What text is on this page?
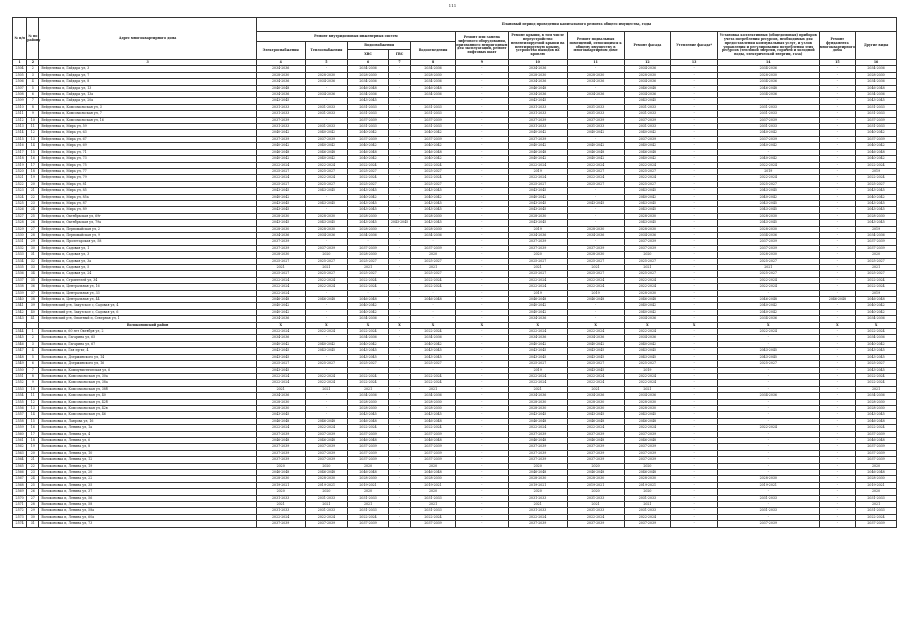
111
№ п/п	№ по району	Адрес многоквартирного дома	Плановый период проведения капитального ремонта общего имущества, годы												
			Ремонт внутридомовых инженерных систем					Ремонт или замена лифтового оборудования, признанного непригодным для эксплуатации, ремонт лифтовых шахт	Ремонт крыши, в том числе переустройство невентилируемой крыши на вентилируемую крышу, устройство выходов на кровлю	Ремонт подвальных помещений, относящихся к общему имуществу в многоквартирном доме	Ремонт фасада	Утепление фасада*	Установка коллективных (общедомовых) приборов учета потребления ресурсов, необходимых для предоставления коммунальных услуг, и узлов управления и регулирования потребления этих ресурсов (тепловой энергии, горячей и холодной воды, электрической энергии, газа)	Ремонт фундамента многоквартирного дома	Другие виды
			Электроснабжения	Теплоснабжения	Водоснабжения		Водоотведения								
					ХВС	ГВС									
1	2	3	4	5	6	7	8	9	10	11	12	13	14	15	16
2504	2	Вейделевка п, Гайдара ул, 3	2034-2036	-	2034-2036	-	2034-2036	-	2034-2036	-	2034-2036	-	2034-2036	-	2034-2036
2505	3	Вейделевка п, Гайдара ул, 7	2028-2030	2028-2030	2028-2030	-	2028-2030	-	2028-2030	2028-2030	2028-2030	-	2028-2030	-	2028-2030
2506	4	Вейделевка п, Гайдара ул, 8	2034-2036	2034-2036	2034-2036	-	2034-2036	-	2034-2036	2034-2036	2034-2036	-	2034-2036	-	2034-2036
2507	5	Вейделевка п, Гайдара ул, 13	2046-2048	-	2046-2048	-	2046-2048	-	2046-2048	-	2046-2048	-	2046-2048	-	2046-2048
2508	6	Вейделевка п, Гайдара ул, 13а	2034-2036	2034-2036	2034-2036	-	2034-2036	-	2034-2036	2034-2036	2034-2036	-	2034-2036	-	2034-2036
2509	7	Вейделевка п, Гайдара ул, 20а	2043-2045	-	2043-2045	-	-	-	2043-2045	-	2043-2045	-	-	-	2043-2045
2510	8	Вейделевка п, Комсомольская ул, 3	2031-2033	2031-2033	2031-2033	-	2031-2033	-	2031-2033	2031-2033	2031-2033	-	2031-2033	-	2031-2033
2511	9	Вейделевка п, Комсомольская ул, 7	2031-2033	2031-2033	2031-2033	-	2031-2033	-	2031-2033	2031-2033	2031-2033	-	2031-2033	-	2031-2033
2512	10	Вейделевка п, Комсомольская ул, 16	2037-2039	-	2037-2039	-	2037-2039	-	2037-2039	2037-2039	2037-2039	-	2037-2039	-	2037-2039
2513	11	Вейделевка п, Мира ул, 59	2031-2033	2031-2033	2031-2033	-	2031-2033	-	2031-2033	2031-2033	2031-2033	-	2031-2033	-	2031-2033
2514	12	Вейделевка п, Мира ул, 63	2040-2042	2040-2042	2040-2042	-	2040-2042	-	2040-2042	2040-2042	2040-2042	-	2040-2042	-	2040-2042
2515	13	Вейделевка п, Мира ул, 67	2037-2039	2037-2039	2037-2039	-	2037-2039	-	2037-2039	-	2037-2039	-	2037-2039	-	2037-2039
2516	14	Вейделевка п, Мира ул, 69	2040-2042	2040-2042	2040-2042	-	2040-2042	-	2040-2042	2040-2042	2040-2042	-	2040-2042	-	2040-2042
2517	15	Вейделевка п, Мира ул, 71	2046-2048	2046-2048	2046-2048	-	2046-2048	-	2046-2048	2046-2048	2046-2048	-	-	-	2046-2048
2518	16	Вейделевка п, Мира ул, 73	2040-2042	2040-2042	2040-2042	-	2040-2042	-	2040-2042	2040-2042	2040-2042	-	2040-2042	-	2040-2042
2519	17	Вейделевка п, Мира ул, 75	2022-2024	2022-2024	2022-2024	-	2022-2024	-	2022-2024	2022-2024	2022-2024	-	2022-2024	-	2022-2024
2520	18	Вейделевка п, Мира ул, 77	2025-2027	2025-2027	2025-2027	-	2025-2027	-	2019	2025-2027	2025-2027	-	2019	-	2019
2521	19	Вейделевка п, Мира ул, 79	2022-2024	2022-2024	2022-2024	-	2022-2024	-	2022-2024	2022-2024	2022-2024	-	2022-2024	-	2022-2024
2522	20	Вейделевка п, Мира ул, 81	2025-2027	2025-2027	2025-2027	-	2025-2027	-	2025-2027	2025-2027	2025-2027	-	2025-2027	-	2025-2027
2523	21	Вейделевка п, Мира ул, 85	2043-2045	2043-2045	2043-2045	-	2043-2045	-	2043-2045	-	2043-2045	-	2043-2045	-	2043-2045
2524	22	Вейделевка п, Мира ул, 85а	2040-2042	-	2040-2042	-	2040-2042	-	2040-2042	-	2040-2042	-	2040-2042	-	2040-2042
2525	23	Вейделевка п, Мира ул, 87	2043-2045	2043-2045	2043-2045	-	2043-2045	-	2043-2045	2043-2045	2043-2045	-	2043-2045	-	2043-2045
2526	24	Вейделевка п, Мира ул, 89	2043-2045	-	2043-2045	-	2043-2045	-	2043-2045	-	2043-2045	-	2043-2045	-	2043-2045
2527	25	Вейделевка п, Октябрьская ул, 69г	2028-2030	2028-2030	2028-2030	-	2028-2030	-	2028-2030	-	2028-2030	-	2028-2030	-	2028-2030
2528	26	Вейделевка п, Октябрьская ул, 79а	2043-2045	2043-2045	2043-2045	2043-2045	2043-2045	-	2043-2045	-	2043-2045	-	2043-2045	-	2043-2045
2529	27	Вейделевка п, Первомайская ул, 2	2028-2030	2028-2030	2028-2030	-	2028-2030	-	2019	2028-2030	2028-2030	-	2028-2030	-	2019
2530	28	Вейделевка п, Первомайская ул, 9	2034-2036	2034-2036	2034-2036	-	2034-2036	-	2034-2036	2034-2036	2034-2036	-	2034-2036	-	2034-2036
2531	29	Вейделевка п, Пролетарская ул, 58	2037-2039	-	-	-	-	-	2037-2039	-	2037-2039	-	2037-2039	-	2037-2039
2532	30	Вейделевка п, Садовая ул, 1	2037-2039	2037-2039	2037-2039	-	2037-2039	-	2037-2039	2037-2039	2037-2039	-	2037-2039	-	2037-2039
2533	31	Вейделевка п, Садовая ул, 3	2028-2030	2020	2028-2030	-	2020	-	2020	2028-2030	2020	-	2028-2030	-	2020
2534	32	Вейделевка п, Садовая ул, 3а	2025-2027	2025-2027	2025-2027	-	2025-2027	-	2025-2027	2025-2027	2025-2027	-	2025-2027	-	2025-2027
2535	33	Вейделевка п, Садовая ул, 5	2021	2021	2021	-	2021	-	2021	2021	2021	-	2021	-	2021
2536	34	Вейделевка п, Садовая ул, 24	2025-2027	2025-2027	2025-2027	-	2025-2027	-	2025-2027	2025-2027	2025-2027	-	2025-2027	-	2025-2027
2537	35	Вейделевка п, Строителей ул, 34	2022-2024	2022-2024	2022-2024	-	2022-2024	-	2022-2024	2022-2024	2022-2024	-	2022-2024	-	2022-2024
2538	36	Вейделевка п, Центральная ул, 16	2022-2024	2022-2024	2022-2024	-	2022-2024	-	2022-2024	2022-2024	2022-2024	-	2022-2024	-	2022-2024
2539	37	Вейделевка п, Центральная ул, 33	2022-2024	-	-	-	-	-	2019	2019	2028-2030	-	-	-	2019
2540	38	Вейделевка п, Центральная ул, 44	2046-2048	2046-2048	2046-2048	-	2046-2048	-	2046-2048	2046-2048	2046-2048	-	2046-2048	2046-2048	2046-2048
2541	39	Вейделевский р-н, Закутское с, Садовая ул, 4	2040-2042	-	2040-2042	-	-	-	2040-2042	-	2040-2042	-	2040-2042	-	2040-2042
2542	40	Вейделевский р-н, Закутское с, Садовая ул, 6	2040-2042	-	2040-2042	-	-	-	2040-2042	-	2040-2042	-	2040-2042	-	2040-2042
2543	41	Вейделевский р-н, Опытный п, Северная ул, 1	2034-2036	-	2034-2036	-	-	-	2034-2036	-	2034-2036	-	2034-2036	-	2034-2036
		Волоконовский район	X	X	X	X	X	X	X	X	X	X	X	X	X
2544	1	Волоконовка п, 60 лет Октября ул, 2	2022-2024	2022-2024	2022-2024	-	2022-2024	-	2022-2024	2022-2024	2022-2024	-	2022-2024	-	2022-2024
2545	2	Волоконовка п, Гагарина ул, 65	2034-2036	-	2034-2036	-	2034-2036	-	2034-2036	2034-2036	2034-2036	-	-	-	2034-2036
2546	3	Волоконовка п, Гагарина ул, 67	2040-2042	2040-2042	2040-2042	-	2040-2042	-	2040-2042	2040-2042	2040-2042	-	-	-	2040-2042
2547	4	Волоконовка п, Гая пр-кт, 4	2043-2045	2043-2045	2043-2045	-	2043-2045	-	2043-2045	2043-2045	2043-2045	-	2043-2045	-	2043-2045
2548	5	Волоконовка п, Дзержинского ул, 14	2043-2045	-	2043-2045	-	2043-2045	-	2043-2045	2043-2045	2043-2045	-	2043-2045	-	2043-2045
2549	6	Волоконовка п, Дзержинского ул, 16	2025-2027	2025-2027	2025-2027	-	2025-2027	-	2025-2027	2025-2027	2025-2027	-	2025-2027	-	2025-2027
2550	7	Волоконовка п, Коммунистическая ул, 6	2043-2045	-	-	-	-	-	2019	2043-2045	2019	-	-	-	2043-2045
2551	8	Волоконовка п, Комсомольская ул, 30а	2022-2024	2022-2024	2022-2024	-	2022-2024	-	2022-2024	2022-2024	2022-2024	-	-	-	2022-2024
2552	9	Волоконовка п, Комсомольская ул, 38а	2022-2024	2022-2024	2022-2024	-	2022-2024	-	2022-2024	2022-2024	2022-2024	-	-	-	2022-2024
2553	10	Волоконовка п, Комсомольская ул, 38б	2021	2021	2021	-	2021	-	2021	2021	2021	-	-	-	2021
2554	11	Волоконовка п, Комсомольская ул, 40	2034-2036	-	2034-2036	-	2034-2036	-	2034-2036	2034-2036	2034-2036	-	2034-2036	-	2034-2036
2555	12	Волоконовка п, Комсомольская ул, 42б	2028-2030	-	2028-2030	-	2028-2030	-	2028-2030	2028-2030	2028-2030	-	-	-	2028-2030
2556	13	Волоконовка п, Комсомольская ул, 42в	2028-2030	-	2028-2030	-	2028-2030	-	2028-2030	2028-2030	2028-2030	-	-	-	2028-2030
2557	14	Волоконовка п, Комсомольская ул, 46	2043-2045	-	2043-2045	-	2043-2045	-	2043-2045	2043-2045	2043-2045	-	-	-	2043-2045
2558	15	Волоконовка п, Лаврова ул, 16	2046-2048	2046-2048	2046-2048	-	2046-2048	-	2046-2048	2046-2048	2046-2048	-	-	-	2046-2048
2559	16	Волоконовка п, Ленина ул, 1а	2022-2024	2022-2024	2022-2024	-	2022-2024	-	2022-2024	2022-2024	2022-2024	-	2022-2024	-	2022-2024
2560	17	Волоконовка п, Ленина ул, 4	2037-2039	2037-2039	2037-2039	-	2037-2039	-	2037-2039	2037-2039	2037-2039	-	-	-	2037-2039
2561	18	Волоконовка п, Ленина ул, 6	2046-2048	2046-2048	2046-2048	-	2046-2048	-	2046-2048	2046-2048	2046-2048	-	-	-	2046-2048
2562	19	Волоконовка п, Ленина ул, 8	2037-2039	2037-2039	2037-2039	-	2037-2039	-	2037-2039	2037-2039	2037-2039	-	-	-	2037-2039
2563	20	Волоконовка п, Ленина ул, 10	2037-2039	2037-2039	2037-2039	-	2037-2039	-	2037-2039	2037-2039	2037-2039	-	-	-	2037-2039
2564	21	Волоконовка п, Ленина ул, 12	2037-2039	2037-2039	2037-2039	-	2037-2039	-	2037-2039	2037-2039	2037-2039	-	-	-	2037-2039
2565	22	Волоконовка п, Ленина ул, 19	2020	2020	2020	-	2020	-	2020	2020	2020	-	-	-	2020
2566	23	Волоконовка п, Ленина ул, 20	2046-2048	2046-2048	2046-2048	-	2046-2048	-	2046-2048	2046-2048	2046-2048	-	-	-	2046-2048
2567	24	Волоконовка п, Ленина ул, 22	2028-2030	2028-2030	2028-2030	-	2028-2030	-	2028-2030	2028-2030	2028-2030	-	2028-2030	-	2028-2030
2568	25	Волоконовка п, Ленина ул, 35	2019-2021	2019-2021	2019-2021	-	2019-2021	-	2019-2021	2019-2021	2019-2021	-	2019-2021	-	2019-2021
2569	26	Волоконовка п, Ленина ул, 37	2020	2020	2020	-	2020	-	2020	2020	2020	-	-	-	2020
2570	27	Волоконовка п, Ленина ул, 56	2031-2033	2031-2033	2031-2033	-	2031-2033	-	2031-2033	2031-2033	2031-2033	-	2031-2033	-	2031-2033
2571	28	Волоконовка п, Ленина ул, 58	2021	2021	2021	-	2021	-	2021	2021	2021	-	-	-	2021
2572	29	Волоконовка п, Ленина ул, 58а	2031-2033	2031-2033	2031-2033	-	2031-2033	-	2031-2033	2031-2033	2031-2033	-	2031-2033	-	2031-2033
2573	30	Волоконовка п, Ленина ул, 60а	2022-2024	2022-2024	2022-2024	-	2022-2024	-	2022-2024	2022-2024	2022-2024	-	-	-	2022-2024
2574	31	Волоконовка п, Ленина ул, 73	2037-2039	2037-2039	2037-2039	-	2037-2039	-	2037-2039	2037-2039	2037-2039	-	2037-2039	-	2037-2039
